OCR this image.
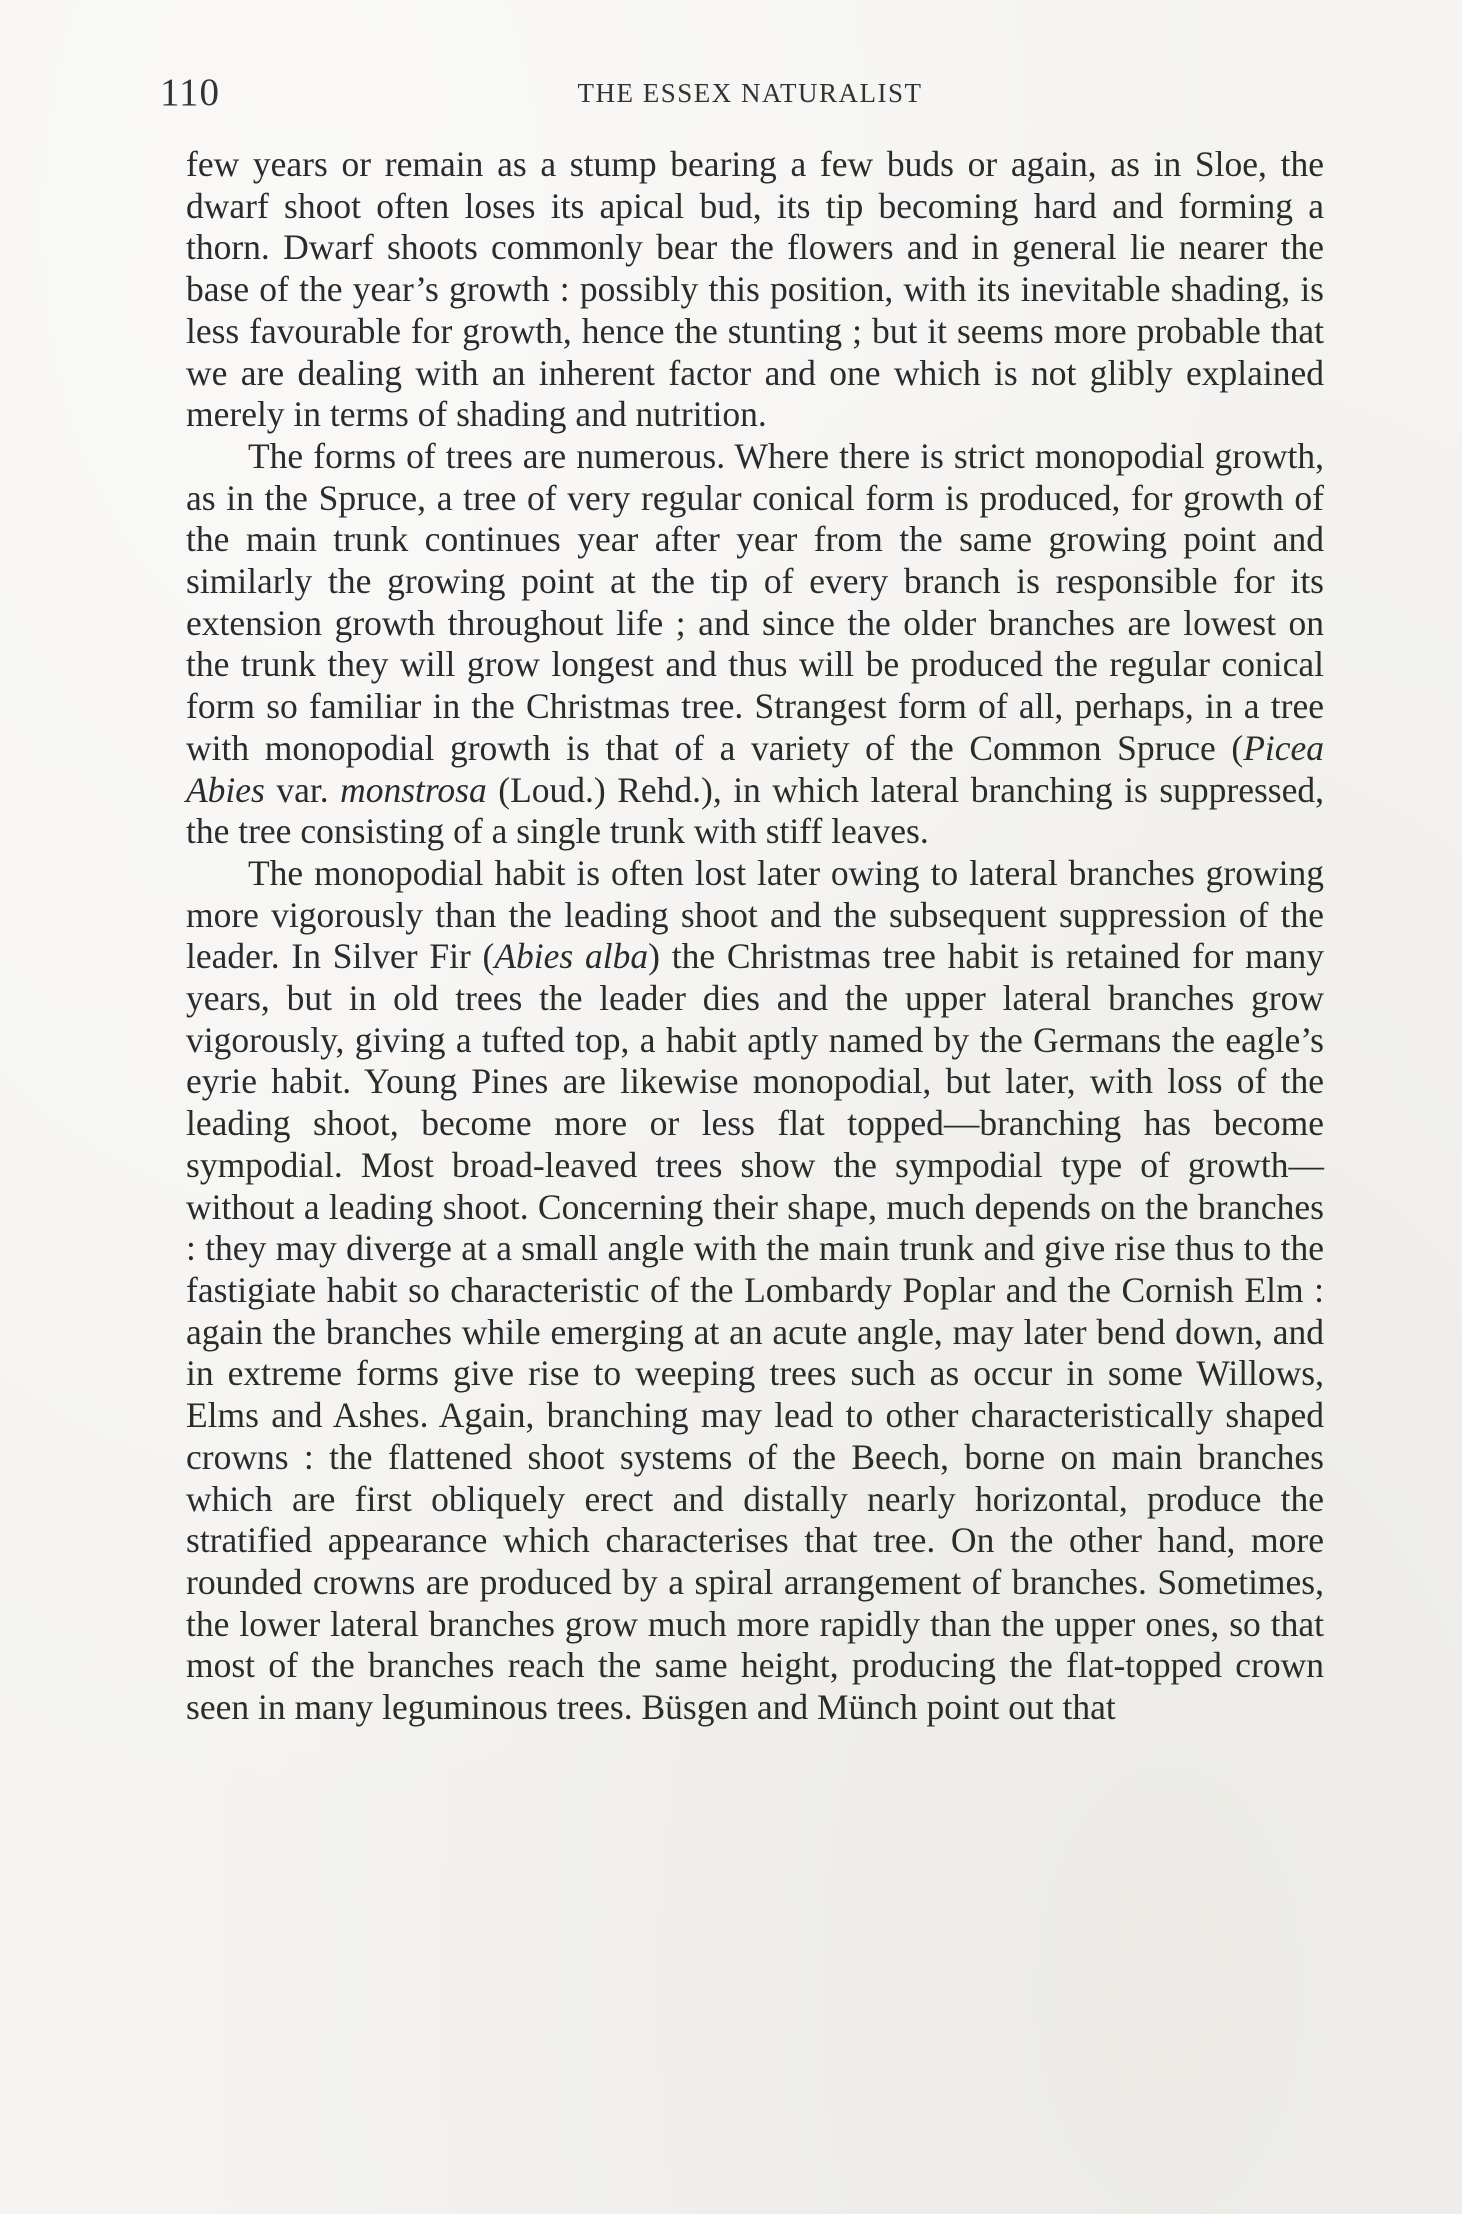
110	THE ESSEX NATURALIST

few years or remain as a stump bearing a few buds or again, as in Sloe, the dwarf shoot often loses its apical bud, its tip becoming hard and forming a thorn. Dwarf shoots commonly bear the flowers and in general lie nearer the base of the year’s growth : possibly this position, with its inevitable shading, is less favourable for growth, hence the stunting ; but it seems more probable that we are dealing with an inherent factor and one which is not glibly explained merely in terms of shading and nutrition.

The forms of trees are numerous. Where there is strict monopodial growth, as in the Spruce, a tree of very regular conical form is produced, for growth of the main trunk continues year after year from the same growing point and similarly the growing point at the tip of every branch is responsible for its extension growth throughout life ; and since the older branches are lowest on the trunk they will grow longest and thus will be produced the regular conical form so familiar in the Christmas tree. Strangest form of all, perhaps, in a tree with monopodial growth is that of a variety of the Common Spruce (Picea Abies var. monstrosa (Loud.) Rehd.), in which lateral branching is suppressed, the tree consisting of a single trunk with stiff leaves.

The monopodial habit is often lost later owing to lateral branches growing more vigorously than the leading shoot and the subsequent suppression of the leader. In Silver Fir (Abies alba) the Christmas tree habit is retained for many years, but in old trees the leader dies and the upper lateral branches grow vigorously, giving a tufted top, a habit aptly named by the Germans the eagle’s eyrie habit. Young Pines are likewise monopodial, but later, with loss of the leading shoot, become more or less flat topped—branching has become sympodial. Most broad-leaved trees show the sympodial type of growth—without a leading shoot. Concerning their shape, much depends on the branches : they may diverge at a small angle with the main trunk and give rise thus to the fastigiate habit so characteristic of the Lombardy Poplar and the Cornish Elm : again the branches while emerging at an acute angle, may later bend down, and in extreme forms give rise to weeping trees such as occur in some Willows, Elms and Ashes. Again, branching may lead to other characteristically shaped crowns : the flattened shoot systems of the Beech, borne on main branches which are first obliquely erect and distally nearly horizontal, produce the stratified appearance which characterises that tree. On the other hand, more rounded crowns are produced by a spiral arrangement of branches. Sometimes, the lower lateral branches grow much more rapidly than the upper ones, so that most of the branches reach the same height, producing the flat-topped crown seen in many leguminous trees. Büsgen and Münch point out that
